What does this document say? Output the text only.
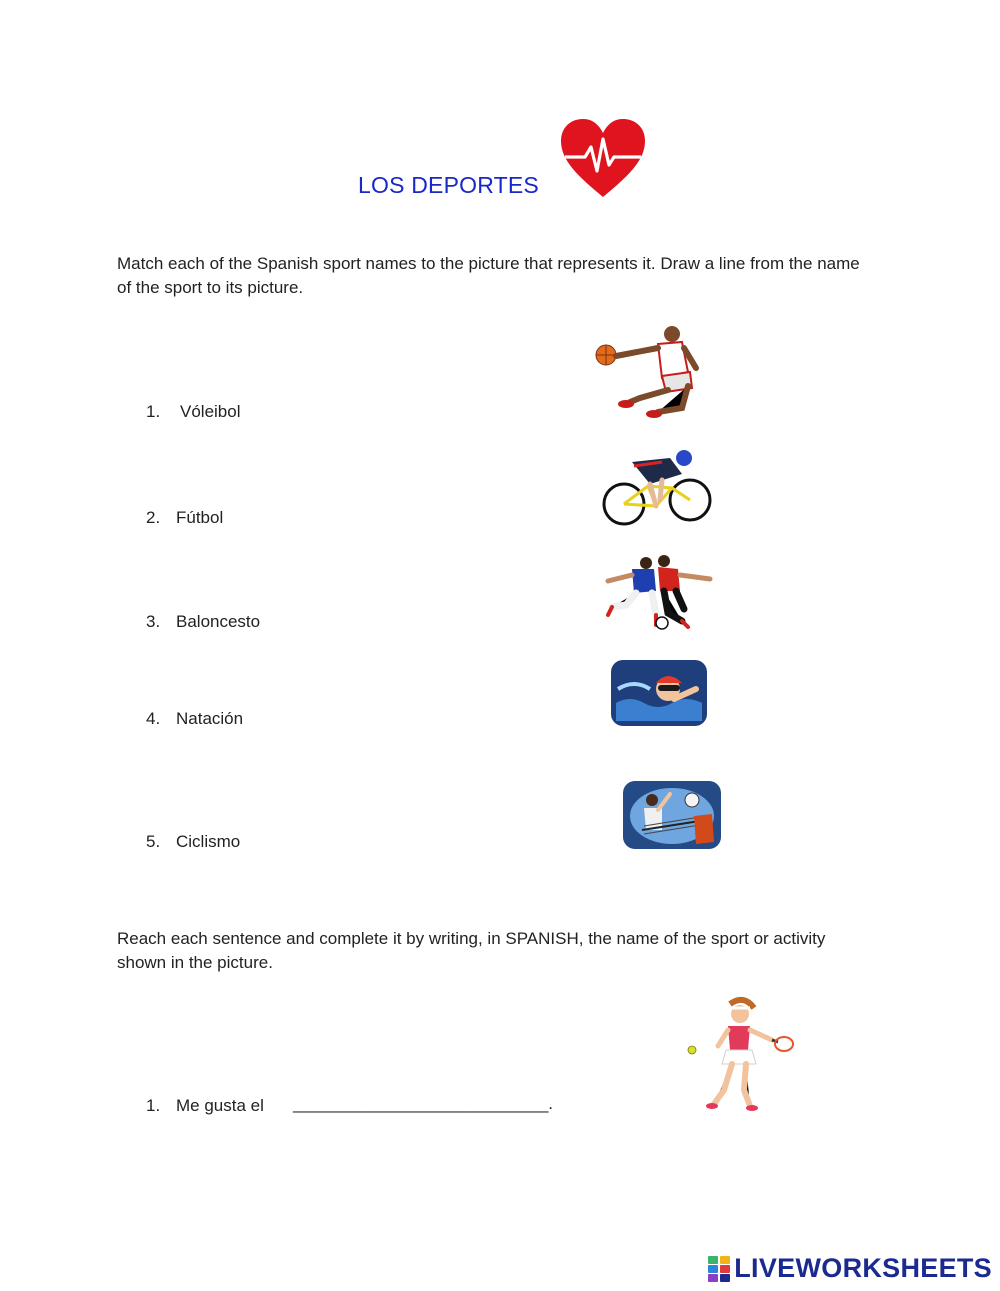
LOS DEPORTES
Match each of the Spanish sport names to the picture that represents it. Draw a line from the name of the sport to its picture.
1. Vóleibol
2. Fútbol
3. Baloncesto
4. Natación
5. Ciclismo
Reach each sentence and complete it by writing, in SPANISH, the name of the sport or activity shown in the picture.
1. Me gusta el ___________________________.
LIVEWORKSHEETS
